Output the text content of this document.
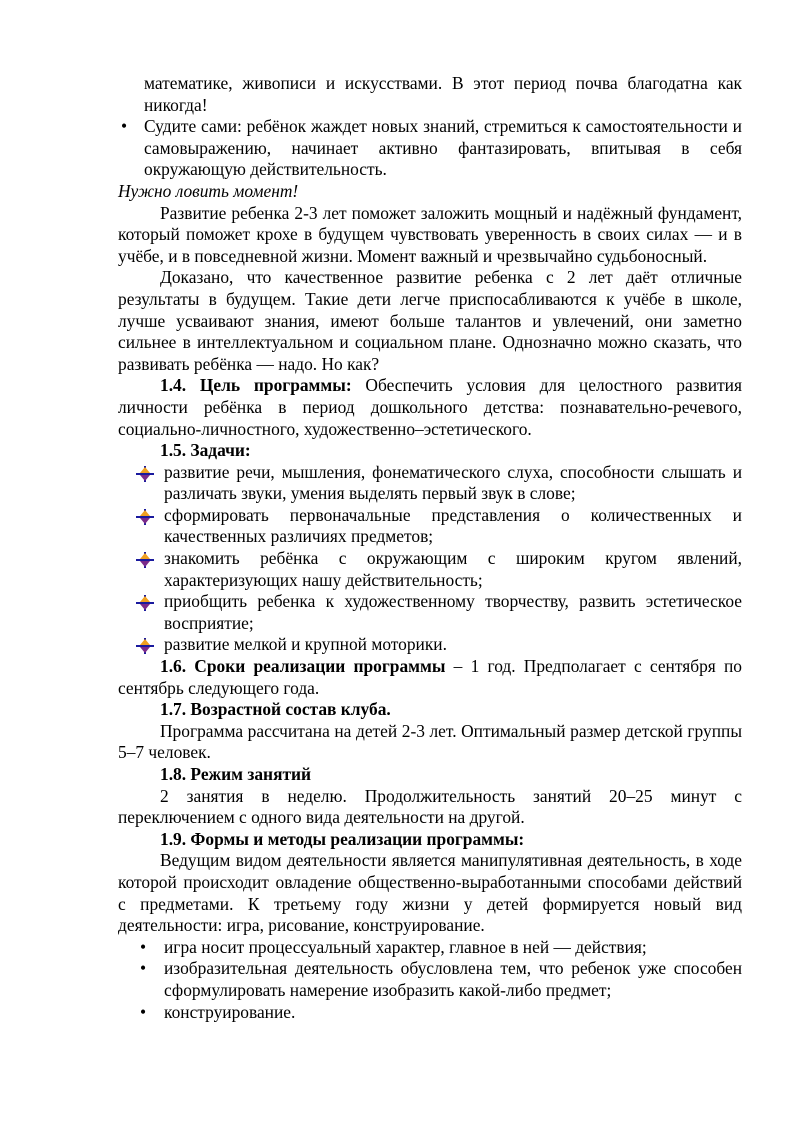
математике, живописи и искусствами. В этот период почва благодатна как никогда!

• Судите сами: ребёнок жаждет новых знаний, стремиться к самостоятельности и самовыражению, начинает активно фантазировать, впитывая в себя окружающую действительность.

Нужно ловить момент!

Развитие ребенка 2-3 лет поможет заложить мощный и надёжный фундамент, который поможет крохе в будущем чувствовать уверенность в своих силах — и в учёбе, и в повседневной жизни. Момент важный и чрезвычайно судьбоносный.

Доказано, что качественное развитие ребенка с 2 лет даёт отличные результаты в будущем. Такие дети легче приспосабливаются к учёбе в школе, лучше усваивают знания, имеют больше талантов и увлечений, они заметно сильнее в интеллектуальном и социальном плане. Однозначно можно сказать, что развивать ребёнка — надо. Но как?

1.4. Цель программы: Обеспечить условия для целостного развития личности ребёнка в период дошкольного детства: познавательно-речевого, социально-личностного, художественно–эстетического.

1.5. Задачи:

развитие речи, мышления, фонематического слуха, способности слышать и различать звуки, умения выделять первый звук в слове;
сформировать первоначальные представления о количественных и качественных различиях предметов;
знакомить ребёнка с окружающим с широким кругом явлений, характеризующих нашу действительность;
приобщить ребенка к художественному творчеству, развить эстетическое восприятие;
развитие мелкой и крупной моторики.

1.6. Сроки реализации программы – 1 год. Предполагает с сентября по сентябрь следующего года.

1.7. Возрастной состав клуба.

Программа рассчитана на детей 2-3 лет. Оптимальный размер детской группы 5–7 человек.

1.8. Режим занятий

2 занятия в неделю. Продолжительность занятий 20–25 минут с переключением с одного вида деятельности на другой.

1.9. Формы и методы реализации программы:

Ведущим видом деятельности является манипулятивная деятельность, в ходе которой происходит овладение общественно-выработанными способами действий с предметами. К третьему году жизни у детей формируется новый вид деятельности: игра, рисование, конструирование.

•	игра носит процессуальный характер, главное в ней — действия;
•	изобразительная деятельность обусловлена тем, что ребенок уже способен сформулировать намерение изобразить какой-либо предмет;
•	конструирование.
